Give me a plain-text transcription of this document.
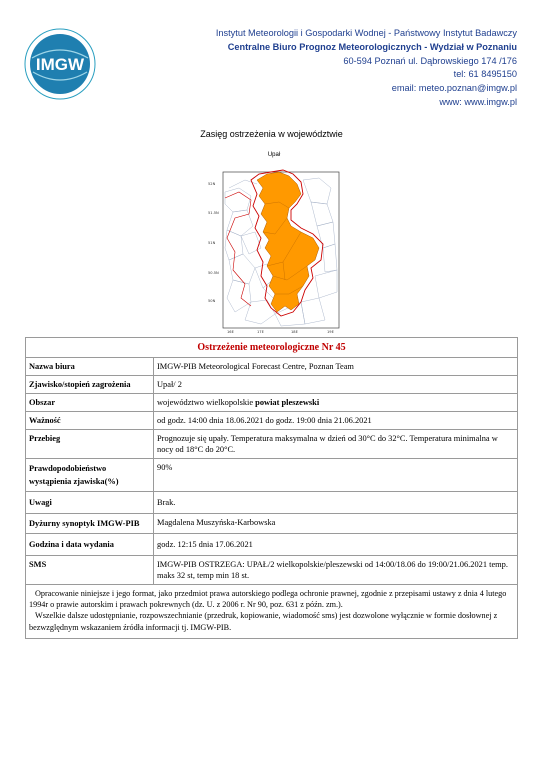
IMGW
Instytut Meteorologii i Gospodarki Wodnej - Państwowy Instytut Badawczy
Centralne Biuro Prognoz Meteorologicznych - Wydział w Poznaniu
60-594 Poznań ul. Dąbrowskiego 174 /176
tel: 61 8495150
email: meteo.poznan@imgw.pl
www: www.imgw.pl
Zasięg ostrzeżenia w województwie
Upał
52N
51.5N
51N
50.5N
50N
16E	17E	18E	19E
Ostrzeżenie meteorologiczne Nr 45	
Nazwa biura	IMGW-PIB Meteorological Forecast Centre, Poznan Team
Zjawisko/stopień zagrożenia	Upał/ 2
Obszar	województwo wielkopolskie powiat pleszewski
Ważność	od godz. 14:00 dnia 18.06.2021 do godz. 19:00 dnia 21.06.2021
Przebieg	Prognozuje się upały. Temperatura maksymalna w dzień od 30°C do 32°C. Temperatura minimalna w nocy od 18°C do 20°C.
Prawdopodobieństwo wystąpienia zjawiska(%)	90%
Uwagi	Brak.
Dyżurny synoptyk IMGW-PIB	Magdalena Muszyńska-Karbowska
Godzina i data wydania	godz. 12:15 dnia 17.06.2021
SMS	IMGW-PIB OSTRZEGA: UPAŁ/2 wielkopolskie/pleszewski od 14:00/18.06 do 19:00/21.06.2021 temp. maks 32 st, temp min 18 st.

Opracowanie niniejsze i jego format, jako przedmiot prawa autorskiego podlega ochronie prawnej, zgodnie z przepisami ustawy z dnia 4 lutego 1994r o prawie autorskim i prawach pokrewnych (dz. U. z 2006 r. Nr 90, poz. 631 z późn. zm.).
Wszelkie dalsze udostępnianie, rozpowszechnianie (przedruk, kopiowanie, wiadomość sms) jest dozwolone wyłącznie w formie dosłownej z bezwzględnym wskazaniem źródła informacji tj. IMGW-PIB.	
